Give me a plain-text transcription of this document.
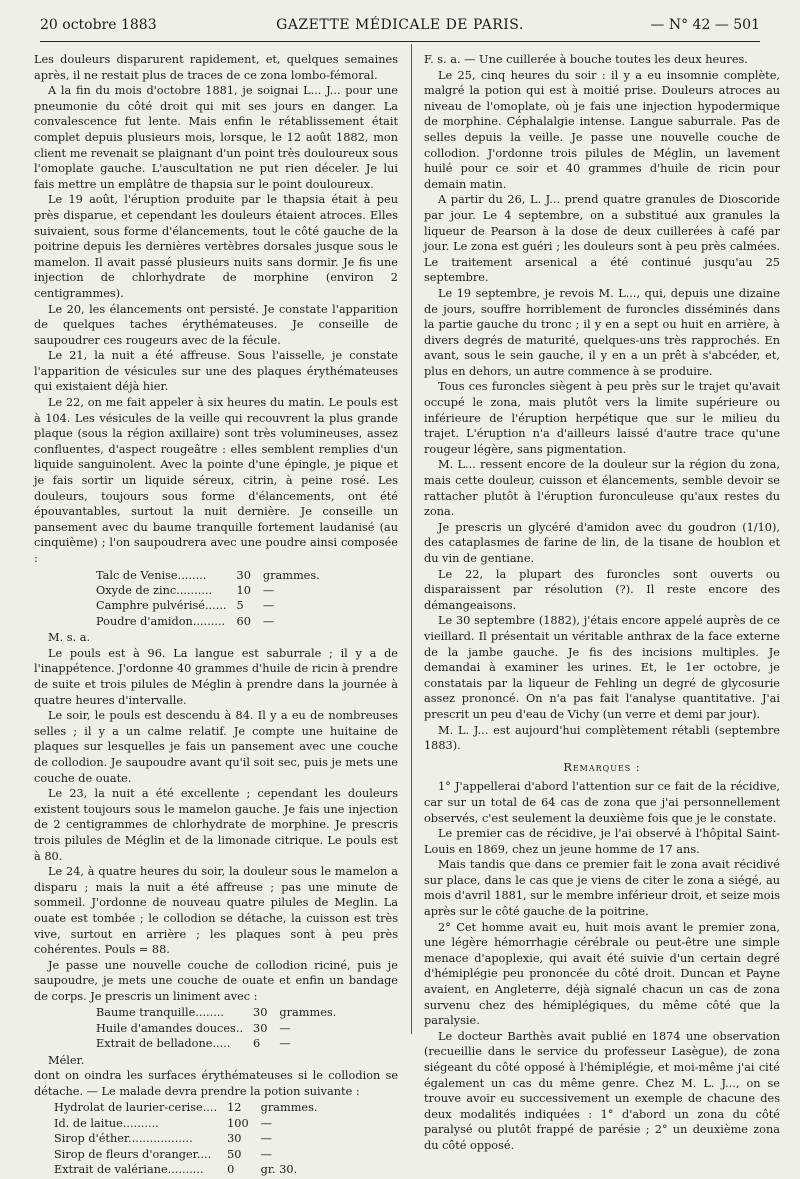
20 octobre 1883	GAZETTE MÉDICALE DE PARIS.	— N° 42 — 501

Les douleurs disparurent rapidement, et, quelques semaines après, il ne restait plus de traces de ce zona lombo-fémoral.

A la fin du mois d'octobre 1881, je soignai L... J... pour une pneumonie du côté droit qui mit ses jours en danger. La convalescence fut lente. Mais enfin le rétablissement était complet depuis plusieurs mois, lorsque, le 12 août 1882, mon client me revenait se plaignant d'un point très douloureux sous l'omoplate gauche. L'auscultation ne put rien déceler. Je lui fais mettre un emplâtre de thapsia sur le point douloureux.

Le 19 août, l'éruption produite par le thapsia était à peu près disparue, et cependant les douleurs étaient atroces. Elles suivaient, sous forme d'élancements, tout le côté gauche de la poitrine depuis les dernières vertèbres dorsales jusque sous le mamelon. Il avait passé plusieurs nuits sans dormir. Je fis une injection de chlorhydrate de morphine (environ 2 centigrammes).

Le 20, les élancements ont persisté. Je constate l'apparition de quelques taches érythémateuses. Je conseille de saupoudrer ces rougeurs avec de la fécule.

Le 21, la nuit a été affreuse. Sous l'aisselle, je constate l'apparition de vésicules sur une des plaques érythémateuses qui existaient déjà hier.

Le 22, on me fait appeler à six heures du matin. Le pouls est à 104. Les vésicules de la veille qui recouvrent la plus grande plaque (sous la région axillaire) sont très volumineuses, assez confluentes, d'aspect rougeâtre : elles semblent remplies d'un liquide sanguinolent. Avec la pointe d'une épingle, je pique et je fais sortir un liquide séreux, citrin, à peine rosé. Les douleurs, toujours sous forme d'élancements, ont été épouvantables, surtout la nuit dernière. Je conseille un pansement avec du baume tranquille fortement laudanisé (au cinquième) ; l'on saupoudrera avec une poudre ainsi composée :

Talc de Venise........	30	grammes.
Oxyde de zinc..........	10	—
Camphre pulvérisé......	5	—
Poudre d'amidon.........	60	—

M. s. a.

Le pouls est à 96. La langue est saburrale ; il y a de l'inappétence. J'ordonne 40 grammes d'huile de ricin à prendre de suite et trois pilules de Méglin à prendre dans la journée à quatre heures d'intervalle.

Le soir, le pouls est descendu à 84. Il y a eu de nombreuses selles ; il y a un calme relatif. Je compte une huitaine de plaques sur lesquelles je fais un pansement avec une couche de collodion. Je saupoudre avant qu'il soit sec, puis je mets une couche de ouate.

Le 23, la nuit a été excellente ; cependant les douleurs existent toujours sous le mamelon gauche. Je fais une injection de 2 centigrammes de chlorhydrate de morphine. Je prescris trois pilules de Méglin et de la limonade citrique. Le pouls est à 80.

Le 24, à quatre heures du soir, la douleur sous le mamelon a disparu ; mais la nuit a été affreuse ; pas une minute de sommeil. J'ordonne de nouveau quatre pilules de Meglin. La ouate est tombée ; le collodion se détache, la cuisson est très vive, surtout en arrière ; les plaques sont à peu près cohérentes. Pouls = 88.

Je passe une nouvelle couche de collodion riciné, puis je saupoudre, je mets une couche de ouate et enfin un bandage de corps. Je prescris un liniment avec :

Baume tranquille........	30	grammes.
Huile d'amandes douces..	30	—
Extrait de belladone.....	6	—

Méler.

dont on oindra les surfaces érythémateuses si le collodion se détache. — Le malade devra prendre la potion suivante :

Hydrolat de laurier-cerise....	12	grammes.
Id. de laitue..........	100	—
Sirop d'éther..................	30	—
Sirop de fleurs d'oranger....	50	—
Extrait de valériane..........	0	gr. 30.

F. s. a. — Une cuillerée à bouche toutes les deux heures.

Le 25, cinq heures du soir : il y a eu insomnie complète, malgré la potion qui est à moitié prise. Douleurs atroces au niveau de l'omoplate, où je fais une injection hypodermique de morphine. Céphalalgie intense. Langue saburrale. Pas de selles depuis la veille. Je passe une nouvelle couche de collodion. J'ordonne trois pilules de Méglin, un lavement huilé pour ce soir et 40 grammes d'huile de ricin pour demain matin.

A partir du 26, L. J... prend quatre granules de Dioscoride par jour. Le 4 septembre, on a substitué aux granules la liqueur de Pearson à la dose de deux cuillerées à café par jour. Le zona est guéri ; les douleurs sont à peu près calmées. Le traitement arsenical a été continué jusqu'au 25 septembre.

Le 19 septembre, je revois M. L..., qui, depuis une dizaine de jours, souffre horriblement de furoncles disséminés dans la partie gauche du tronc ; il y en a sept ou huit en arrière, à divers degrés de maturité, quelques-uns très rapprochés. En avant, sous le sein gauche, il y en a un prêt à s'abcéder, et, plus en dehors, un autre commence à se produire.

Tous ces furoncles siègent à peu près sur le trajet qu'avait occupé le zona, mais plutôt vers la limite supérieure ou inférieure de l'éruption herpétique que sur le milieu du trajet. L'éruption n'a d'ailleurs laissé d'autre trace qu'une rougeur légère, sans pigmentation.

M. L... ressent encore de la douleur sur la région du zona, mais cette douleur, cuisson et élancements, semble devoir se rattacher plutôt à l'éruption furonculeuse qu'aux restes du zona.

Je prescris un glycéré d'amidon avec du goudron (1/10), des cataplasmes de farine de lin, de la tisane de houblon et du vin de gentiane.

Le 22, la plupart des furoncles sont ouverts ou disparaissent par résolution (?). Il reste encore des démangeaisons.

Le 30 septembre (1882), j'étais encore appelé auprès de ce vieillard. Il présentait un véritable anthrax de la face externe de la jambe gauche. Je fis des incisions multiples. Je demandai à examiner les urines. Et, le 1er octobre, je constatais par la liqueur de Fehling un degré de glycosurie assez prononcé. On n'a pas fait l'analyse quantitative. J'ai prescrit un peu d'eau de Vichy (un verre et demi par jour).

M. L. J... est aujourd'hui complètement rétabli (septembre 1883).

Remarques :

1° J'appellerai d'abord l'attention sur ce fait de la récidive, car sur un total de 64 cas de zona que j'ai personnellement observés, c'est seulement la deuxième fois que je le constate.

Le premier cas de récidive, je l'ai observé à l'hôpital Saint-Louis en 1869, chez un jeune homme de 17 ans.

Mais tandis que dans ce premier fait le zona avait récidivé sur place, dans le cas que je viens de citer le zona a siégé, au mois d'avril 1881, sur le membre inférieur droit, et seize mois après sur le côté gauche de la poitrine.

2° Cet homme avait eu, huit mois avant le premier zona, une légère hémorrhagie cérébrale ou peut-être une simple menace d'apoplexie, qui avait été suivie d'un certain degré d'hémiplégie peu prononcée du côté droit. Duncan et Payne avaient, en Angleterre, déjà signalé chacun un cas de zona survenu chez des hémiplégiques, du même côté que la paralysie.

Le docteur Barthès avait publié en 1874 une observation (recueillie dans le service du professeur Lasègue), de zona siégeant du côté opposé à l'hémiplégie, et moi-même j'ai cité également un cas du même genre. Chez M. L. J..., on se trouve avoir eu successivement un exemple de chacune des deux modalités indiquées : 1° d'abord un zona du côté paralysé ou plutôt frappé de parésie ; 2° un deuxième zona du côté opposé.
